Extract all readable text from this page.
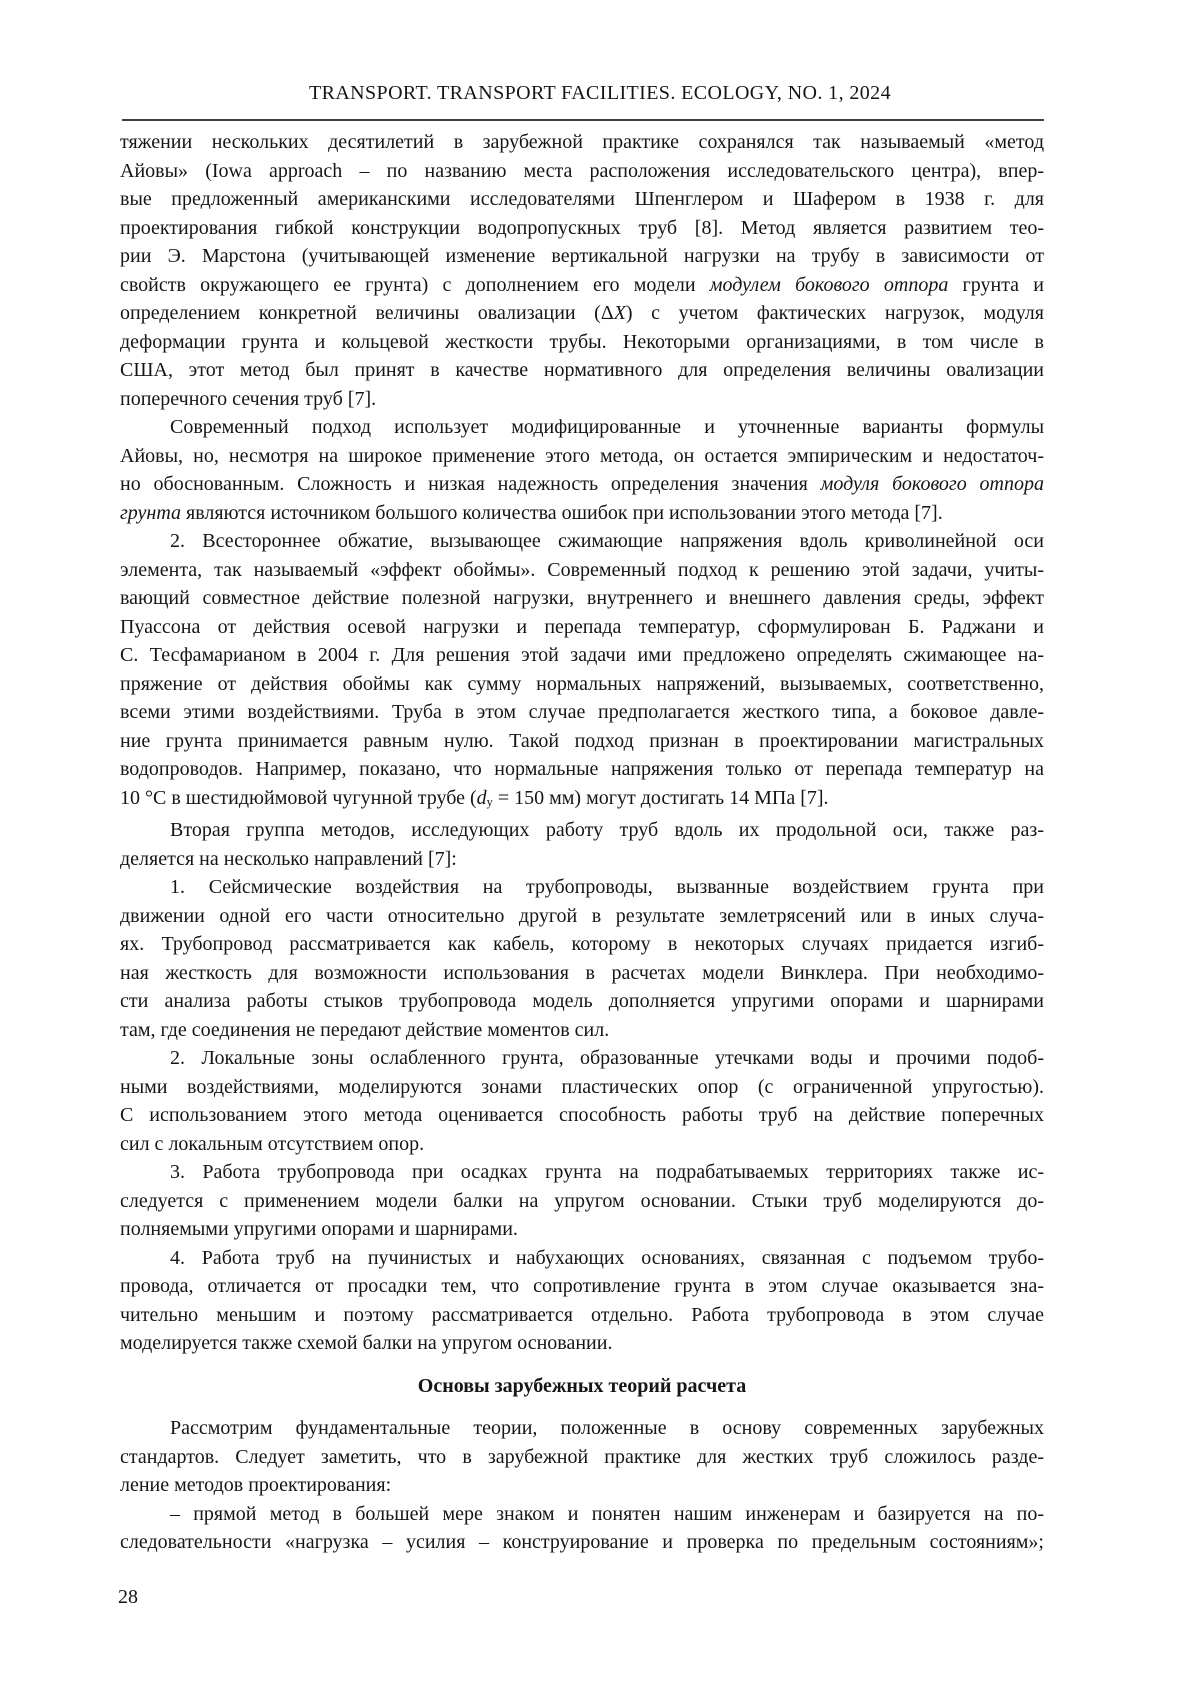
TRANSPORT. TRANSPORT FACILITIES. ECOLOGY, NO. 1, 2024
тяжении нескольких десятилетий в зарубежной практике сохранялся так называемый «метод
Айовы» (Iowa approach – по названию места расположения исследовательского центра), впер-
вые предложенный американскими исследователями Шпенглером и Шафером в 1938 г. для
проектирования гибкой конструкции водопропускных труб [8]. Метод является развитием тео-
рии Э. Марстона (учитывающей изменение вертикальной нагрузки на трубу в зависимости от
свойств окружающего ее грунта) с дополнением его модели модулем бокового отпора грунта и
определением конкретной величины овализации (ΔX) с учетом фактических нагрузок, модуля
деформации грунта и кольцевой жесткости трубы. Некоторыми организациями, в том числе в
США, этот метод был принят в качестве нормативного для определения величины овализации
поперечного сечения труб [7].
Современный подход использует модифицированные и уточненные варианты формулы
Айовы, но, несмотря на широкое применение этого метода, он остается эмпирическим и недостаточ-
но обоснованным. Сложность и низкая надежность определения значения модуля бокового отпора
грунта являются источником большого количества ошибок при использовании этого метода [7].
2. Всестороннее обжатие, вызывающее сжимающие напряжения вдоль криволинейной оси
элемента, так называемый «эффект обоймы». Современный подход к решению этой задачи, учиты-
вающий совместное действие полезной нагрузки, внутреннего и внешнего давления среды, эффект
Пуассона от действия осевой нагрузки и перепада температур, сформулирован Б. Раджани и
С. Тесфамарианом в 2004 г. Для решения этой задачи ими предложено определять сжимающее на-
пряжение от действия обоймы как сумму нормальных напряжений, вызываемых, соответственно,
всеми этими воздействиями. Труба в этом случае предполагается жесткого типа, а боковое давле-
ние грунта принимается равным нулю. Такой подход признан в проектировании магистральных
водопроводов. Например, показано, что нормальные напряжения только от перепада температур на
10 °С в шестидюймовой чугунной трубе (dу = 150 мм) могут достигать 14 МПа [7].
Вторая группа методов, исследующих работу труб вдоль их продольной оси, также раз-
деляется на несколько направлений [7]:
1. Сейсмические воздействия на трубопроводы, вызванные воздействием грунта при
движении одной его части относительно другой в результате землетрясений или в иных случа-
ях. Трубопровод рассматривается как кабель, которому в некоторых случаях придается изгиб-
ная жесткость для возможности использования в расчетах модели Винклера. При необходимо-
сти анализа работы стыков трубопровода модель дополняется упругими опорами и шарнирами
там, где соединения не передают действие моментов сил.
2. Локальные зоны ослабленного грунта, образованные утечками воды и прочими подоб-
ными воздействиями, моделируются зонами пластических опор (с ограниченной упругостью).
С использованием этого метода оценивается способность работы труб на действие поперечных
сил с локальным отсутствием опор.
3. Работа трубопровода при осадках грунта на подрабатываемых территориях также ис-
следуется с применением модели балки на упругом основании. Стыки труб моделируются до-
полняемыми упругими опорами и шарнирами.
4. Работа труб на пучинистых и набухающих основаниях, связанная с подъемом трубо-
провода, отличается от просадки тем, что сопротивление грунта в этом случае оказывается зна-
чительно меньшим и поэтому рассматривается отдельно. Работа трубопровода в этом случае
моделируется также схемой балки на упругом основании.
Основы зарубежных теорий расчета
Рассмотрим фундаментальные теории, положенные в основу современных зарубежных
стандартов. Следует заметить, что в зарубежной практике для жестких труб сложилось разде-
ление методов проектирования:
– прямой метод в большей мере знаком и понятен нашим инженерам и базируется на по-
следовательности «нагрузка – усилия – конструирование и проверка по предельным состояниям»;
28
